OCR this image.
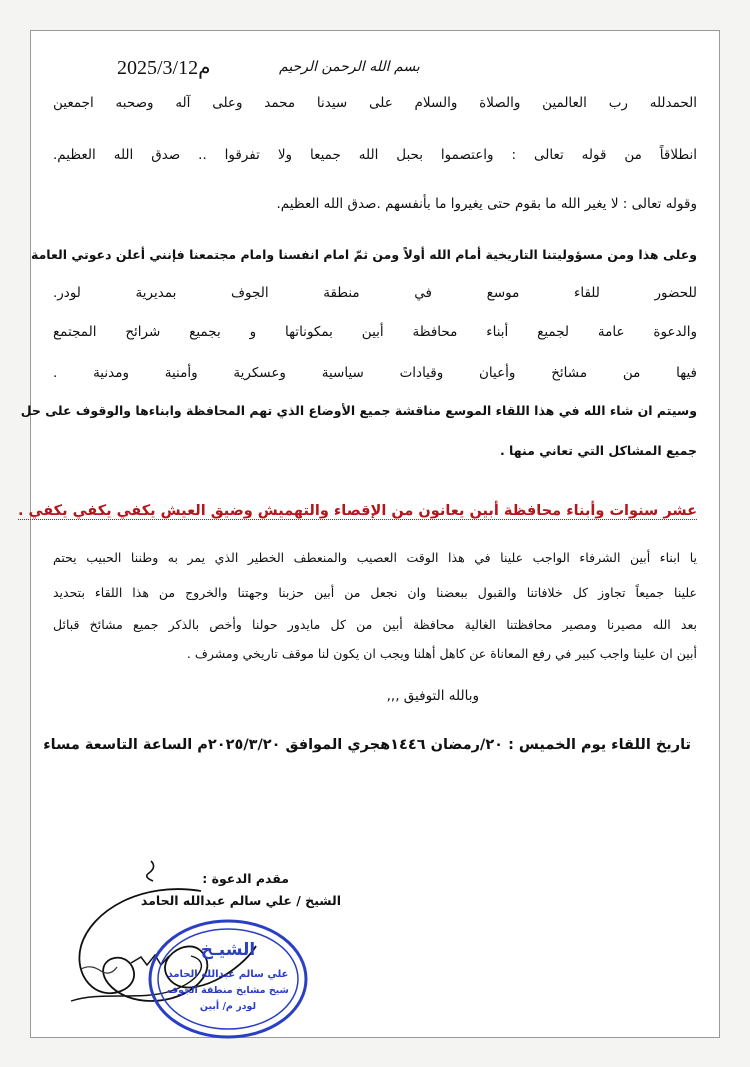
2025/3/12م	بسم الله الرحمن الرحيم
الحمدلله رب العالمين والصلاة والسلام على سيدنا محمد وعلى آله وصحبه اجمعين
انطلاقاً من قوله تعالى : واعتصموا بحبل الله جميعا ولا تفرقوا .. صدق الله العظيم.
وقوله تعالى : لا يغير الله ما بقوم حتى يغيروا ما بأنفسهم .صدق الله العظيم.
وعلى هذا ومن مسؤوليتنا التاريخية أمام الله أولاً ومن ثمّ امام انفسنا وامام مجتمعنا فإنني أعلن دعوتي العامة
للحضور للقاء موسع في منطقة الجوف بمديرية لودر.
والدعوة عامة لجميع أبناء محافظة أبين بمكوناتها و بجميع شرائح المجتمع
فيها من مشائخ وأعيان وقيادات سياسية وعسكرية وأمنية ومدنية .
وسيتم ان شاء الله في هذا اللقاء الموسع مناقشة جميع الأوضاع الذي تهم المحافظة وابناءها والوقوف على حل
جميع المشاكل التي تعاني منها .
عشر سنوات وأبناء محافظة أبين يعانون من الإقصاء والتهميش وضيق العيش يكفي يكفي يكفي .
يا ابناء أبين الشرفاء الواجب علينا في هذا الوقت العصيب والمنعطف الخطير الذي يمر به وطننا الحبيب يحتم
علينا جميعاً تجاوز كل خلافاتنا والقبول ببعضنا وان نجعل من أبين حزبنا وجهتنا والخروج من هذا اللقاء بتحديد
بعد الله مصيرنا ومصير محافظتنا الغالية محافظة أبين من كل مايدور حولنا وأخص بالذكر جميع مشائخ قبائل
أبين ان علينا واجب كبير في رفع المعاناة عن كاهل أهلنا ويجب ان يكون لنا موقف تاريخي ومشرف .
وبالله التوفيق ,,,
تاريخ اللقاء يوم الخميس : ٢٠/رمضان ١٤٤٦هجري الموافق ٢٠٢٥/٣/٢٠م الساعة التاسعة مساء
مقدم الدعوة :
الشيخ / علي سالم عبدالله الحامد
الشيـخ
علي سالم عبدالله الحامد
شيخ مشايخ منطقة الجوف
لودر م/ أبين
